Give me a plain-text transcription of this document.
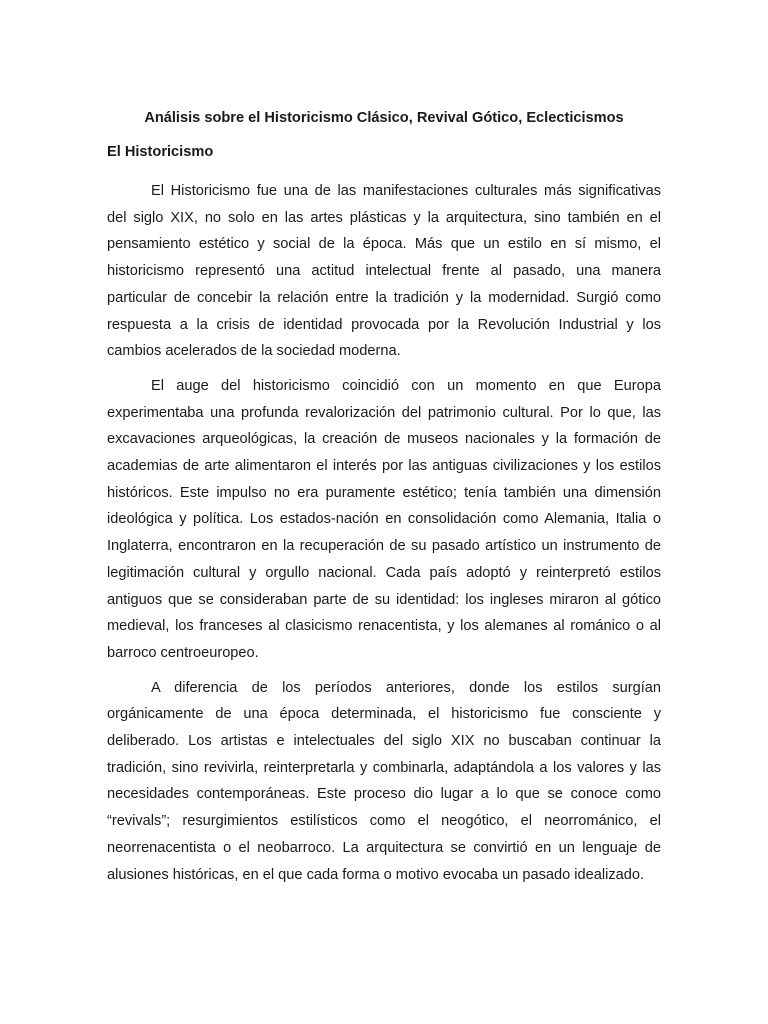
Análisis sobre el Historicismo Clásico, Revival Gótico, Eclecticismos
El Historicismo

El Historicismo fue una de las manifestaciones culturales más significativas del siglo XIX, no solo en las artes plásticas y la arquitectura, sino también en el pensamiento estético y social de la época. Más que un estilo en sí mismo, el historicismo representó una actitud intelectual frente al pasado, una manera particular de concebir la relación entre la tradición y la modernidad. Surgió como respuesta a la crisis de identidad provocada por la Revolución Industrial y los cambios acelerados de la sociedad moderna.

El auge del historicismo coincidió con un momento en que Europa experimentaba una profunda revalorización del patrimonio cultural. Por lo que, las excavaciones arqueológicas, la creación de museos nacionales y la formación de academias de arte alimentaron el interés por las antiguas civilizaciones y los estilos históricos. Este impulso no era puramente estético; tenía también una dimensión ideológica y política. Los estados-nación en consolidación como Alemania, Italia o Inglaterra, encontraron en la recuperación de su pasado artístico un instrumento de legitimación cultural y orgullo nacional. Cada país adoptó y reinterpretó estilos antiguos que se consideraban parte de su identidad: los ingleses miraron al gótico medieval, los franceses al clasicismo renacentista, y los alemanes al románico o al barroco centroeuropeo.

A diferencia de los períodos anteriores, donde los estilos surgían orgánicamente de una época determinada, el historicismo fue consciente y deliberado. Los artistas e intelectuales del siglo XIX no buscaban continuar la tradición, sino revivirla, reinterpretarla y combinarla, adaptándola a los valores y las necesidades contemporáneas. Este proceso dio lugar a lo que se conoce como “revivals”; resurgimientos estilísticos como el neogótico, el neorrománico, el neorrenacentista o el neobarroco. La arquitectura se convirtió en un lenguaje de alusiones históricas, en el que cada forma o motivo evocaba un pasado idealizado.
